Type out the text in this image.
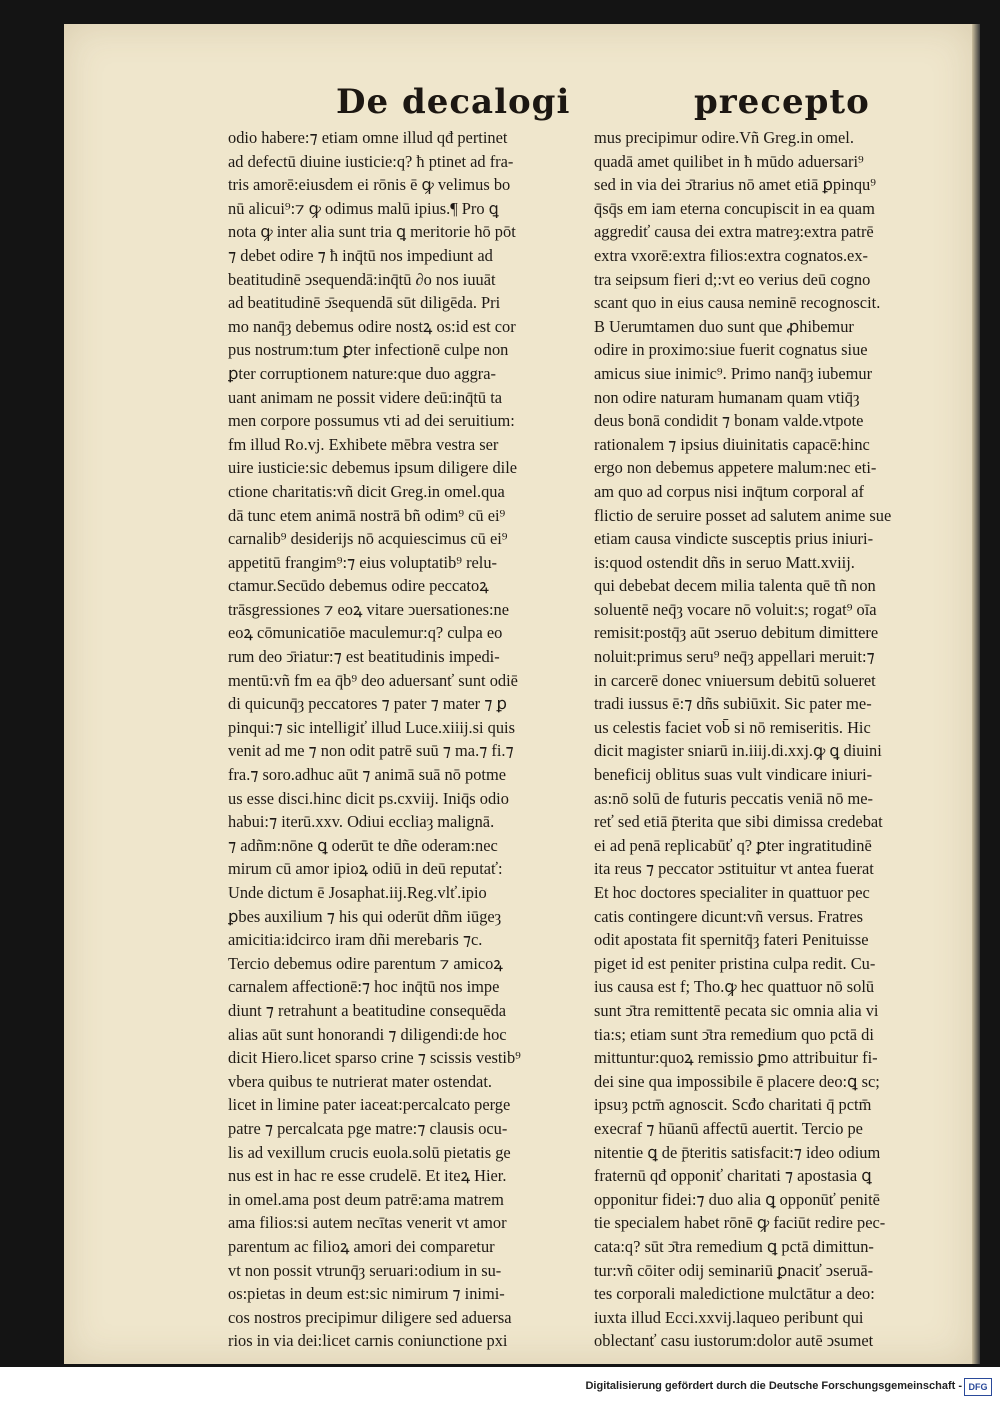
De decalogi	precepto
odio habere:⁊ etiam omne illud qđ pertinet
ad defectū diuine iusticie:q? ħ ptinet ad fra-
tris amorē:eiusdem ei rōnis ē ꝙ velimus bo
nū alicui⁹:⁊ ꝙ odimus malū ipius.¶ Pro ꝗ
nota ꝙ inter alia sunt tria ꝗ meritorie hō pōt
⁊ debet odire ⁊ ħ inq̄tū nos impediunt ad
beatitudinē ↄsequendā:inq̄tū ∂o nos iuuāt
ad beatitudinē ↄ̄sequendā sūt diligēda. Pri
mo nanq̄ȝ debemus odire nostꝝ os:id est cor
pus nostrum:tum ꝑter infectionē culpe non
ꝑter corruptionem nature:que duo aggra-
uant animam ne possit videre deū:inq̄tū ta
men corpore possumus vti ad dei seruitium:
fm illud Ro.vj. Exhibete mēbra vestra ser
uire iusticie:sic debemus ipsum diligere dile
ctione charitatis:vñ dicit Greg.in omel.qua
dā tunc etem animā nostrā bñ odim⁹ cū ei⁹
carnalib⁹ desiderijs nō acquiescimus cū ei⁹
appetitū frangim⁹:⁊ eius voluptatib⁹ relu-
ctamur.Secūdo debemus odire peccatoꝝ
trāsgressiones ⁊ eoꝝ vitare ↄuersationes:ne
eoꝝ cōmunicatiōe maculemur:q? culpa eo
rum deo ↄ̄riatur:⁊ est beatitudinis impedi-
mentū:vñ fm ea q̄b⁹ deo aduersanť sunt odiē
di quicunq̄ȝ peccatores ⁊ pater ⁊ mater ⁊ ꝑ
pinqui:⁊ sic intelligiť illud Luce.xiiij.si quis
venit ad me ⁊ non odit patrē suū ⁊ ma.⁊ fi.⁊
fra.⁊ soro.adhuc aūt ⁊ animā suā nō potme
us esse disci.hinc dicit ps.cxviij. Iniq̄s odio
habui:⁊ iterū.xxv. Odiui eccliaȝ malignā.
⁊ adñm:nōne ꝗ oderūt te dñe oderam:nec
mirum cū amor ipioꝝ odiū in deū reputať:
Unde dictum ē Josaphat.iij.Reg.vlť.ipio
ꝑbes auxilium ⁊ his qui oderūt dñm iūgeȝ
amicitia:idcirco iram dñi merebaris ⁊c.
Tercio debemus odire parentum ⁊ amicoꝝ
carnalem affectionē:⁊ hoc inq̄tū nos impe
diunt ⁊ retrahunt a beatitudine consequēda
alias aūt sunt honorandi ⁊ diligendi:de hoc
dicit Hiero.licet sparso crine ⁊ scissis vestib⁹
vbera quibus te nutrierat mater ostendat.
licet in limine pater iaceat:percalcato perge
patre ⁊ percalcata pge matre:⁊ clausis ocu-
lis ad vexillum crucis euola.solū pietatis ge
nus est in hac re esse crudelē. Et iteꝝ Hier.
in omel.ama post deum patrē:ama matrem
ama filios:si autem necītas venerit vt amor
parentum ac filioꝝ amori dei comparetur
vt non possit vtrunq̄ȝ seruari:odium in su-
os:pietas in deum est:sic nimirum ⁊ inimi-
cos nostros precipimur diligere sed aduersa
rios in via dei:licet carnis coniunctione pxi
mus precipimur odire.Vñ Greg.in omel.
quadā amet quilibet in ħ mūdo aduersari⁹
sed in via dei ↄ̄trarius nō amet etiā ꝑpinqu⁹
q̄sq̄s em iam eterna concupiscit in ea quam
aggrediť causa dei extra matreȝ:extra patrē
extra vxorē:extra filios:extra cognatos.ex-
tra seipsum fieri d;:vt eo verius deū cogno
scant quo in eius causa neminē recognoscit.
B Uerumtamen duo sunt que ꝓhibemur
odire in proximo:siue fuerit cognatus siue
amicus siue inimic⁹. Primo nanq̄ȝ iubemur
non odire naturam humanam quam vtiq̄ȝ
deus bonā condidit ⁊ bonam valde.vtpote
rationalem ⁊ ipsius diuinitatis capacē:hinc
ergo non debemus appetere malum:nec eti-
am quo ad corpus nisi inq̄tum corporal af
flictio de seruire posset ad salutem anime sue
etiam causa vindicte susceptis prius iniuri-
is:quod ostendit dñs in seruo Matt.xviij.
qui debebat decem milia talenta quē tñ non
soluentē neq̄ȝ vocare nō voluit:s; rogat⁹ oīa
remisit:postq̄ȝ aūt ↄseruo debitum dimittere
noluit:primus seru⁹ neq̄ȝ appellari meruit:⁊
in carcerē donec vniuersum debitū solueret
tradi iussus ē:⁊ dñs subiūxit. Sic pater me-
us celestis faciet vob̄ si nō remiseritis. Hic
dicit magister sniarū in.iiij.di.xxj.ꝙ ꝗ diuini
beneficij oblitus suas vult vindicare iniuri-
as:nō solū de futuris peccatis veniā nō me-
reť sed etiā p̄terita que sibi dimissa credebat
ei ad penā replicabūť q? ꝑter ingratitudinē
ita reus ⁊ peccator ↄstituitur vt antea fuerat
Et hoc doctores specialiter in quattuor pec
catis contingere dicunt:vñ versus. Fratres
odit apostata fit spernitq̄ȝ fateri Penituisse
piget id est peniter pristina culpa redit. Cu-
ius causa est f; Tho.ꝙ hec quattuor nō solū
sunt ↄ̄tra remittentē pecata sic omnia alia vi
tia:s; etiam sunt ↄ̄tra remedium quo pctā di
mittuntur:quoꝝ remissio ꝑmo attribuitur fi-
dei sine qua impossibile ē placere deo:ꝗ sc;
ipsuȝ pctm̄ agnoscit. Scđo charitati q̄ pctm̄
execraf ⁊ hūanū affectū auertit. Tercio pe
nitentie ꝗ de p̄teritis satisfacit:⁊ ideo odium
fraternū qđ opponiť charitati ⁊ apostasia ꝗ
opponitur fidei:⁊ duo alia ꝗ opponūť penitē
tie specialem habet rōnē ꝙ faciūt redire pec-
cata:q? sūt ↄ̄tra remedium ꝗ pctā dimittun-
tur:vñ cōiter odij seminariū ꝑnaciť ↄseruā-
tes corporali maledictione mulctātur a deo:
iuxta illud Ecci.xxvij.laqueo peribunt qui
oblectanť casu iustorum:dolor autē ↄsumet
Digitalisierung gefördert durch die Deutsche Forschungsgemeinschaft - DFG
